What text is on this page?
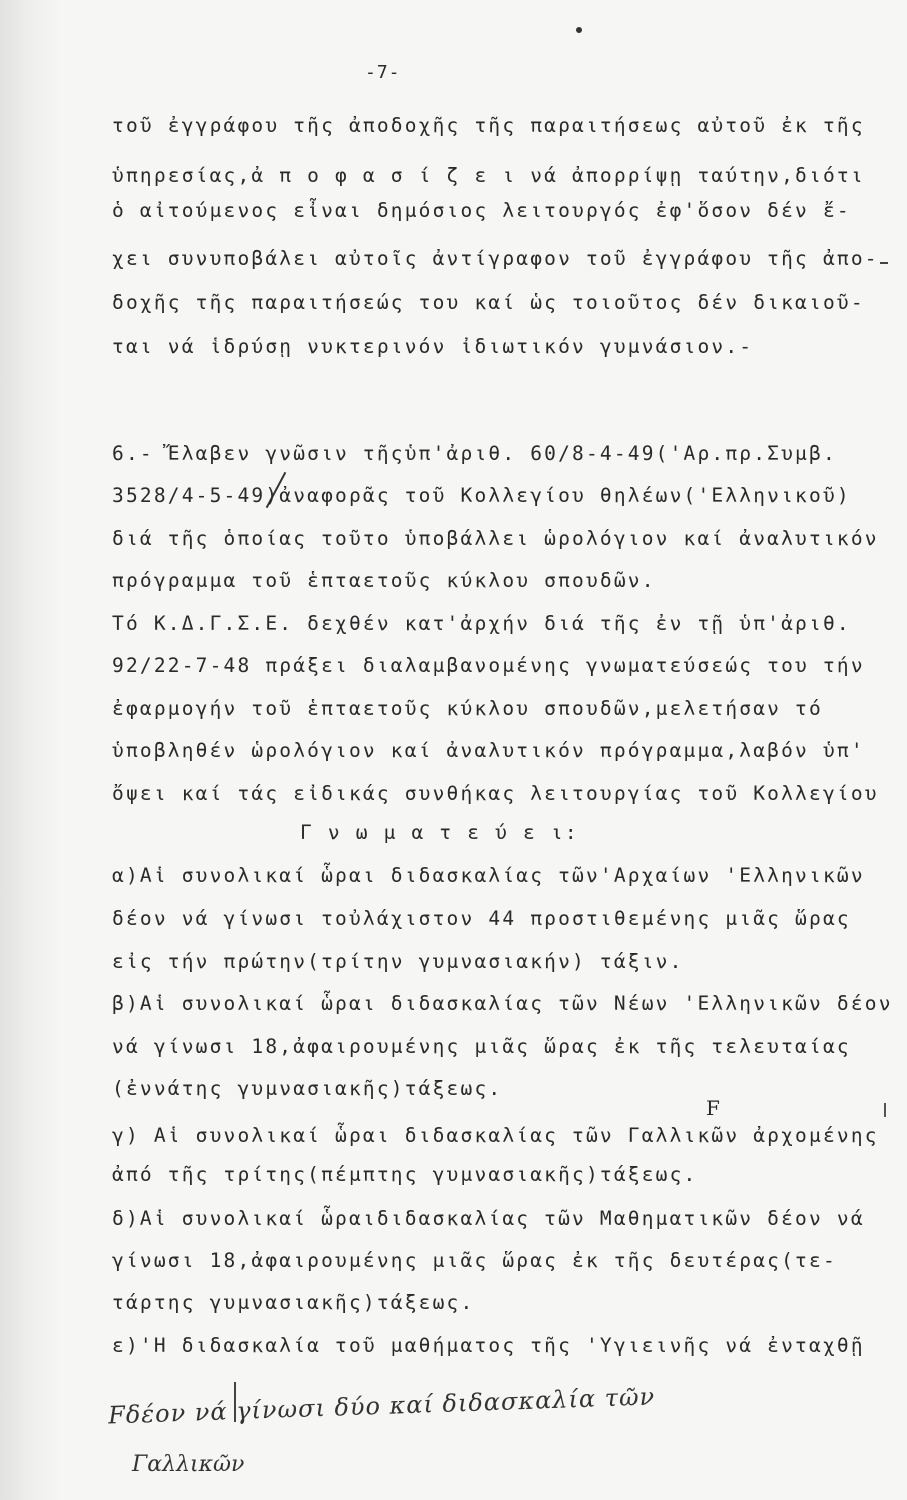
-7-
τοῦ ἐγγράφου τῆς ἀποδοχῆς τῆς παραιτήσεως αὐτοῦ ἐκ τῆς
ὑπηρεσίας,ἀ π ο φ α σ ί ζ ε ι νά ἀπορρίψῃ ταύτην,διότι
ὁ αἰτούμενος εἶναι δημόσιος λειτουργός ἐφ'ὅσον δέν ἔ-
χει συνυποβάλει αὐτοῖς ἀντίγραφον τοῦ ἐγγράφου τῆς ἀπο-
δοχῆς τῆς παραιτήσεώς του καί ὡς τοιοῦτος δέν δικαιοῦ-
ται νά ἱδρύσῃ νυκτερινόν ἰδιωτικόν γυμνάσιον.-
6.- Ἔλαβεν γνῶσιν τῆςὑπ'ἀριθ. 60/8-4-49('Αρ.πρ.Συμβ.
3528/4-5-49)ἀναφορᾶς τοῦ Κολλεγίου θηλέων('Ελληνικοῦ)
διά τῆς ὁποίας τοῦτο ὑποβάλλει ὡρολόγιον καί ἀναλυτικόν
πρόγραμμα τοῦ ἑπταετοῦς κύκλου σπουδῶν.
Τό Κ.Δ.Γ.Σ.Ε. δεχθέν κατ'ἀρχήν διά τῆς ἐν τῇ ὑπ'ἀριθ.
92/22-7-48 πράξει διαλαμβανομένης γνωματεύσεώς του τήν
ἐφαρμογήν τοῦ ἑπταετοῦς κύκλου σπουδῶν,μελετήσαν τό
ὑποβληθέν ὡρολόγιον καί ἀναλυτικόν πρόγραμμα,λαβόν ὑπ'
ὄψει καί τάς εἰδικάς συνθήκας λειτουργίας τοῦ Κολλεγίου
Γ ν ω μ α τ ε ύ ε ι:
α)Αἱ συνολικαί ὧραι διδασκαλίας τῶν'Αρχαίων 'Ελληνικῶν
δέον νά γίνωσι τοὐλάχιστον 44 προστιθεμένης μιᾶς ὥρας
εἰς τήν πρώτην(τρίτην γυμνασιακήν) τάξιν.
β)Αἱ συνολικαί ὧραι διδασκαλίας τῶν Νέων 'Ελληνικῶν δέον
νά γίνωσι 18,ἀφαιρουμένης μιᾶς ὥρας ἐκ τῆς τελευταίας
(ἐννάτης γυμνασιακῆς)τάξεως.
F
γ) Αἱ συνολικαί ὧραι διδασκαλίας τῶν Γαλλικῶν ἀρχομένης
ἀπό τῆς τρίτης(πέμπτης γυμνασιακῆς)τάξεως.
δ)Αἱ συνολικαί ὧραιδιδασκαλίας τῶν Μαθηματικῶν δέον νά
γίνωσι 18,ἀφαιρουμένης μιᾶς ὥρας ἐκ τῆς δευτέρας(τε-
τάρτης γυμνασιακῆς)τάξεως.
ε)'Η διδασκαλία τοῦ μαθήματος τῆς 'Υγιεινῆς νά ἐνταχθῇ
Fδέον νά γίνωσι δύο καί διδασκαλία τῶν
Γαλλικῶν
